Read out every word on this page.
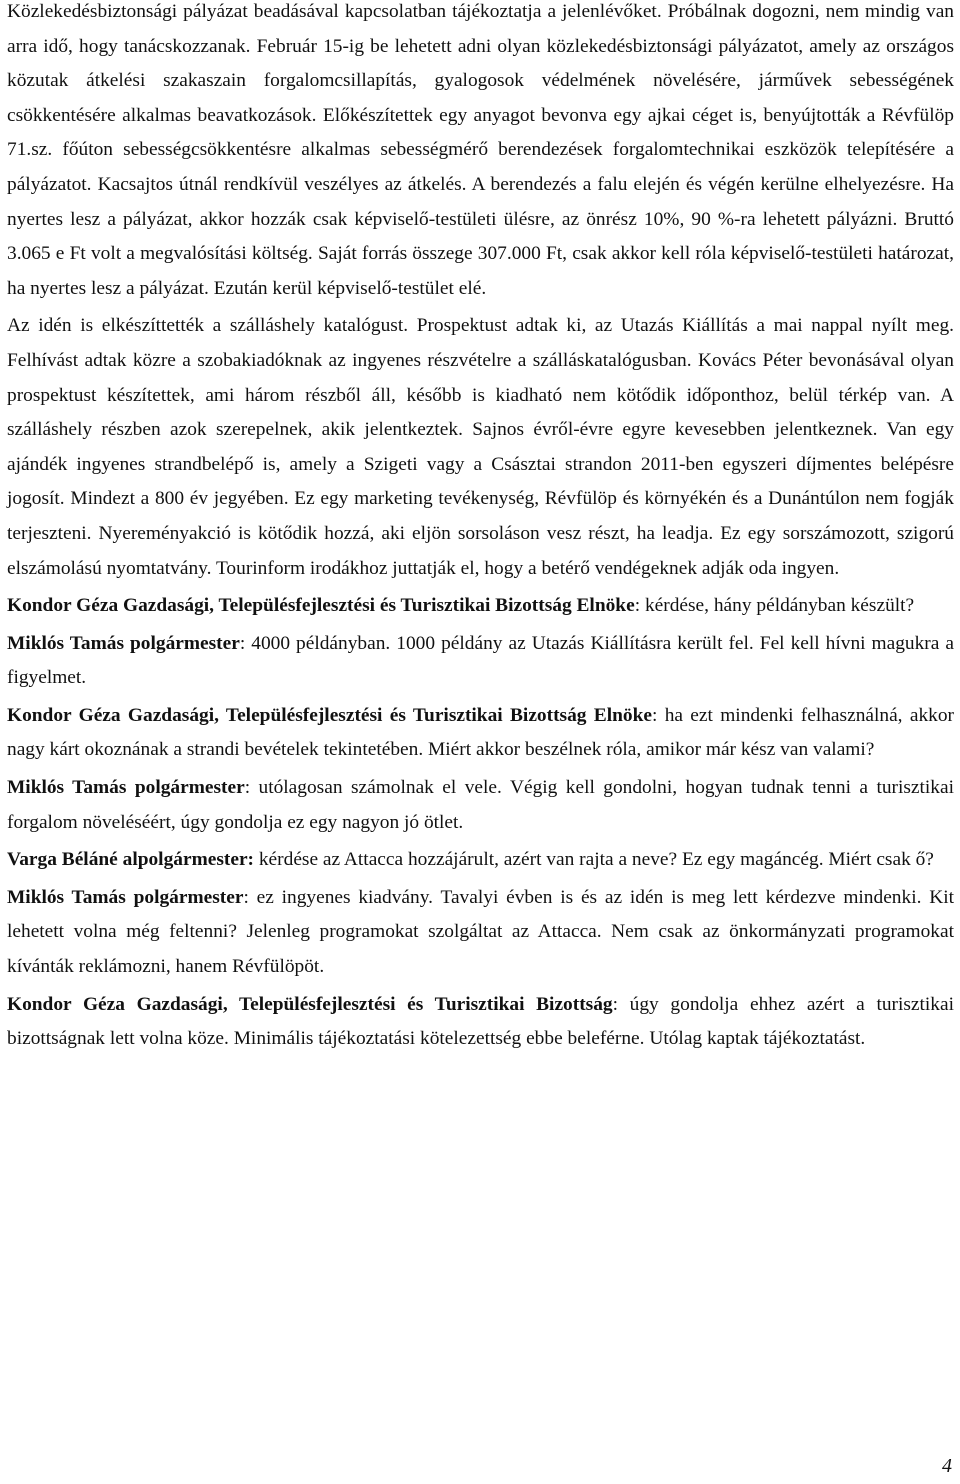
Közlekedésbiztonsági pályázat beadásával kapcsolatban tájékoztatja a jelenlévőket. Próbálnak dogozni, nem mindig van arra idő, hogy tanácskozzanak. Február 15-ig be lehetett adni olyan közlekedésbiztonsági pályázatot, amely az országos közutak átkelési szakaszain forgalomcsillapítás, gyalogosok védelmének növelésére, járművek sebességének csökkentésére alkalmas beavatkozások. Előkészítettek egy anyagot bevonva egy ajkai céget is, benyújtották a Révfülöp 71.sz. főúton sebességcsökkentésre alkalmas sebességmérő berendezések forgalomtechnikai eszközök telepítésére a pályázatot. Kacsajtos útnál rendkívül veszélyes az átkelés. A berendezés a falu elején és végén kerülne elhelyezésre. Ha nyertes lesz a pályázat, akkor hozzák csak képviselő-testületi ülésre, az önrész 10%, 90 %-ra lehetett pályázni. Bruttó 3.065 e Ft volt a megvalósítási költség. Saját forrás összege 307.000 Ft, csak akkor kell róla képviselő-testületi határozat, ha nyertes lesz a pályázat. Ezután kerül képviselő-testület elé.

Az idén is elkészíttették a szálláshely katalógust. Prospektust adtak ki, az Utazás Kiállítás a mai nappal nyílt meg. Felhívást adtak közre a szobakiadóknak az ingyenes részvételre a szálláskatalógusban. Kovács Péter bevonásával olyan prospektust készítettek, ami három részből áll, később is kiadható nem kötődik időponthoz, belül térkép van. A szálláshely részben azok szerepelnek, akik jelentkeztek. Sajnos évről-évre egyre kevesebben jelentkeznek. Van egy ajándék ingyenes strandbelépő is, amely a Szigeti vagy a Császtai strandon 2011-ben egyszeri díjmentes belépésre jogosít. Mindezt a 800 év jegyében. Ez egy marketing tevékenység, Révfülöp és környékén és a Dunántúlon nem fogják terjeszteni. Nyereményakció is kötődik hozzá, aki eljön sorsoláson vesz részt, ha leadja. Ez egy sorszámozott, szigorú elszámolású nyomtatvány. Tourinform irodákhoz juttatják el, hogy a betérő vendégeknek adják oda ingyen.

Kondor Géza Gazdasági, Településfejlesztési és Turisztikai Bizottság Elnöke: kérdése, hány példányban készült?

Miklós Tamás polgármester: 4000 példányban. 1000 példány az Utazás Kiállításra került fel. Fel kell hívni magukra a figyelmet.

Kondor Géza Gazdasági, Településfejlesztési és Turisztikai Bizottság Elnöke: ha ezt mindenki felhasználná, akkor nagy kárt okoznának a strandi bevételek tekintetében. Miért akkor beszélnek róla, amikor már kész van valami?

Miklós Tamás polgármester: utólagosan számolnak el vele. Végig kell gondolni, hogyan tudnak tenni a turisztikai forgalom növeléséért, úgy gondolja ez egy nagyon jó ötlet.

Varga Béláné alpolgármester: kérdése az Attacca hozzájárult, azért van rajta a neve? Ez egy magáncég. Miért csak ő?

Miklós Tamás polgármester: ez ingyenes kiadvány. Tavalyi évben is és az idén is meg lett kérdezve mindenki. Kit lehetett volna még feltenni? Jelenleg programokat szolgáltat az Attacca. Nem csak az önkormányzati programokat kívánták reklámozni, hanem Révfülöpöt.

Kondor Géza Gazdasági, Településfejlesztési és Turisztikai Bizottság: úgy gondolja ehhez azért a turisztikai bizottságnak lett volna köze. Minimális tájékoztatási kötelezettség ebbe beleférne. Utólag kaptak tájékoztatást.

4
